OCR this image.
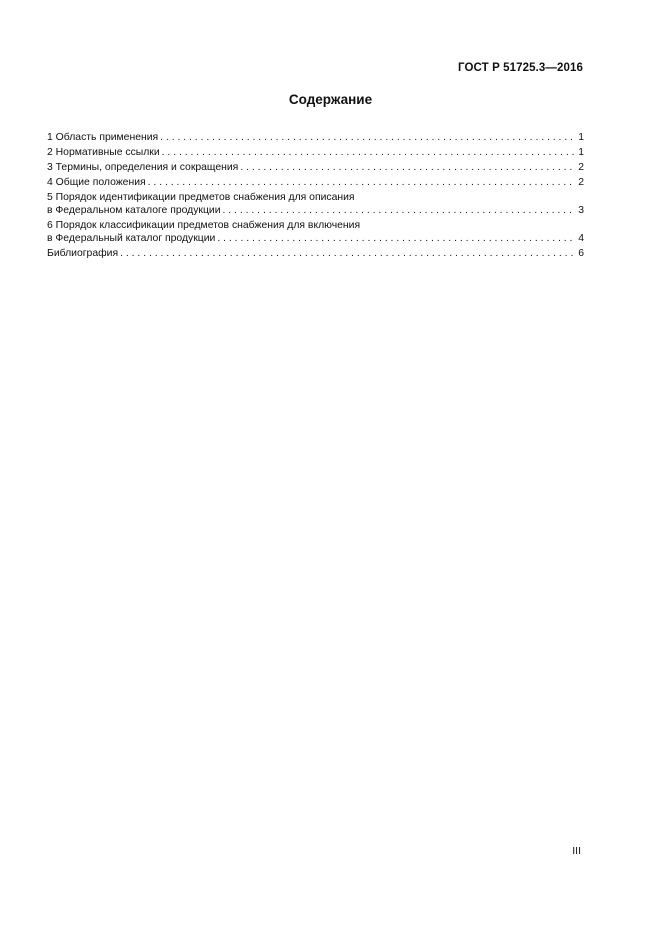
ГОСТ Р 51725.3—2016
Содержание
1 Область применения . . .	1
2 Нормативные ссылки . . .	1
3 Термины, определения и сокращения . . .	2
4 Общие положения . . .	2
5 Порядок идентификации предметов снабжения для описания
в Федеральном каталоге продукции . . .	3
6 Порядок классификации предметов снабжения для включения
в Федеральный каталог продукции . . .	4
Библиография . . .	6
III
